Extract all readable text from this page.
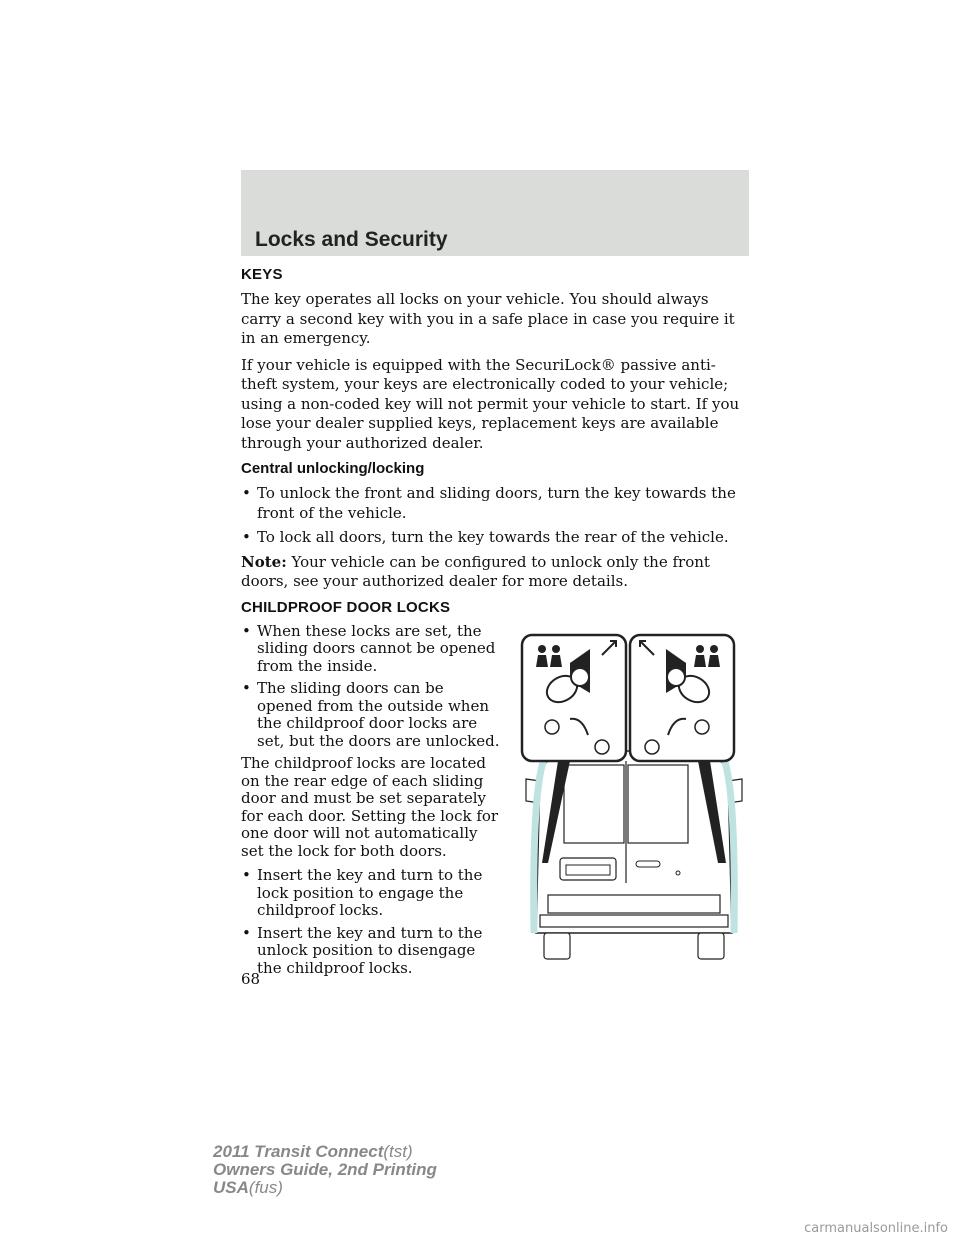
Locks and Security
KEYS

The key operates all locks on your vehicle. You should always carry a second key with you in a safe place in case you require it in an emergency.

If your vehicle is equipped with the SecuriLock® passive anti-theft system, your keys are electronically coded to your vehicle; using a non-coded key will not permit your vehicle to start. If you lose your dealer supplied keys, replacement keys are available through your authorized dealer.

Central unlocking/locking
• To unlock the front and sliding doors, turn the key towards the front of the vehicle.
• To lock all doors, turn the key towards the rear of the vehicle.

Note: Your vehicle can be configured to unlock only the front doors, see your authorized dealer for more details.

CHILDPROOF DOOR LOCKS
• When these locks are set, the sliding doors cannot be opened from the inside.
• The sliding doors can be opened from the outside when the childproof door locks are set, but the doors are unlocked.

The childproof locks are located on the rear edge of each sliding door and must be set separately for each door. Setting the lock for one door will not automatically set the lock for both doors.

• Insert the key and turn to the lock position to engage the childproof locks.
• Insert the key and turn to the unlock position to disengage the childproof locks.
68
2011 Transit Connect(tst)
Owners Guide, 2nd Printing
USA(fus)
carmanualsonline.info
